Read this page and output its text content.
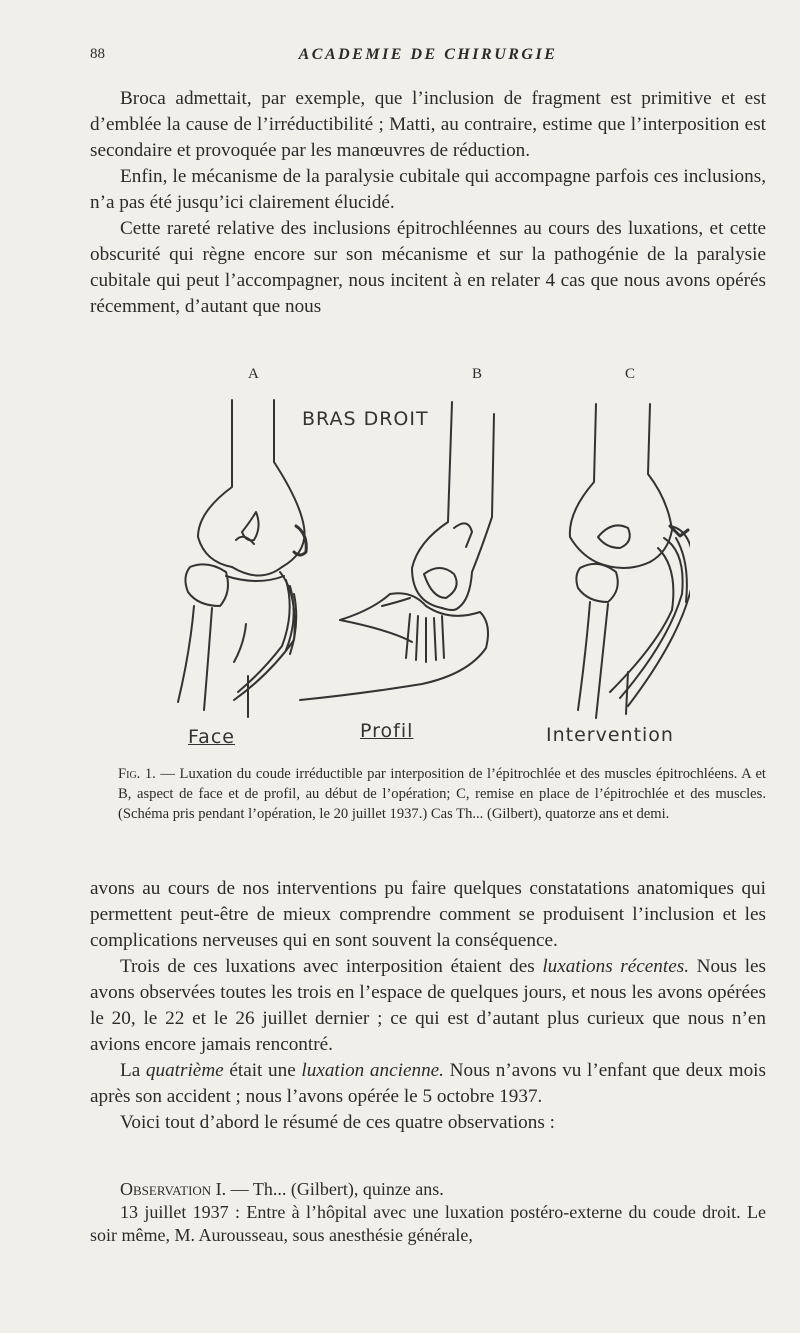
88	ACADEMIE DE CHIRURGIE

Broca admettait, par exemple, que l’inclusion de fragment est primitive et est d’emblée la cause de l’irréductibilité ; Matti, au contraire, estime que l’interposition est secondaire et provoquée par les manœuvres de réduction.

Enfin, le mécanisme de la paralysie cubitale qui accompagne parfois ces inclusions, n’a pas été jusqu’ici clairement élucidé.

Cette rareté relative des inclusions épitrochléennes au cours des luxations, et cette obscurité qui règne encore sur son mécanisme et sur la pathogénie de la paralysie cubitale qui peut l’accompagner, nous incitent à en relater 4 cas que nous avons opérés récemment, d’autant que nous

A	B	C
BRAS DROIT
Face	Profil	Intervention
Fig. 1. — Luxation du coude irréductible par interposition de l’épitrochlée et des muscles épitrochléens. A et B, aspect de face et de profil, au début de l’opération; C, remise en place de l’épitrochlée et des muscles. (Schéma pris pendant l’opération, le 20 juillet 1937.) Cas Th... (Gilbert), quatorze ans et demi.

avons au cours de nos interventions pu faire quelques constatations anatomiques qui permettent peut-être de mieux comprendre comment se produisent l’inclusion et les complications nerveuses qui en sont souvent la conséquence.

Trois de ces luxations avec interposition étaient des luxations récentes. Nous les avons observées toutes les trois en l’espace de quelques jours, et nous les avons opérées le 20, le 22 et le 26 juillet dernier ; ce qui est d’autant plus curieux que nous n’en avions encore jamais rencontré.

La quatrième était une luxation ancienne. Nous n’avons vu l’enfant que deux mois après son accident ; nous l’avons opérée le 5 octobre 1937.

Voici tout d’abord le résumé de ces quatre observations :

Observation I. — Th... (Gilbert), quinze ans.

13 juillet 1937 : Entre à l’hôpital avec une luxation postéro-externe du coude droit. Le soir même, M. Aurousseau, sous anesthésie générale,
